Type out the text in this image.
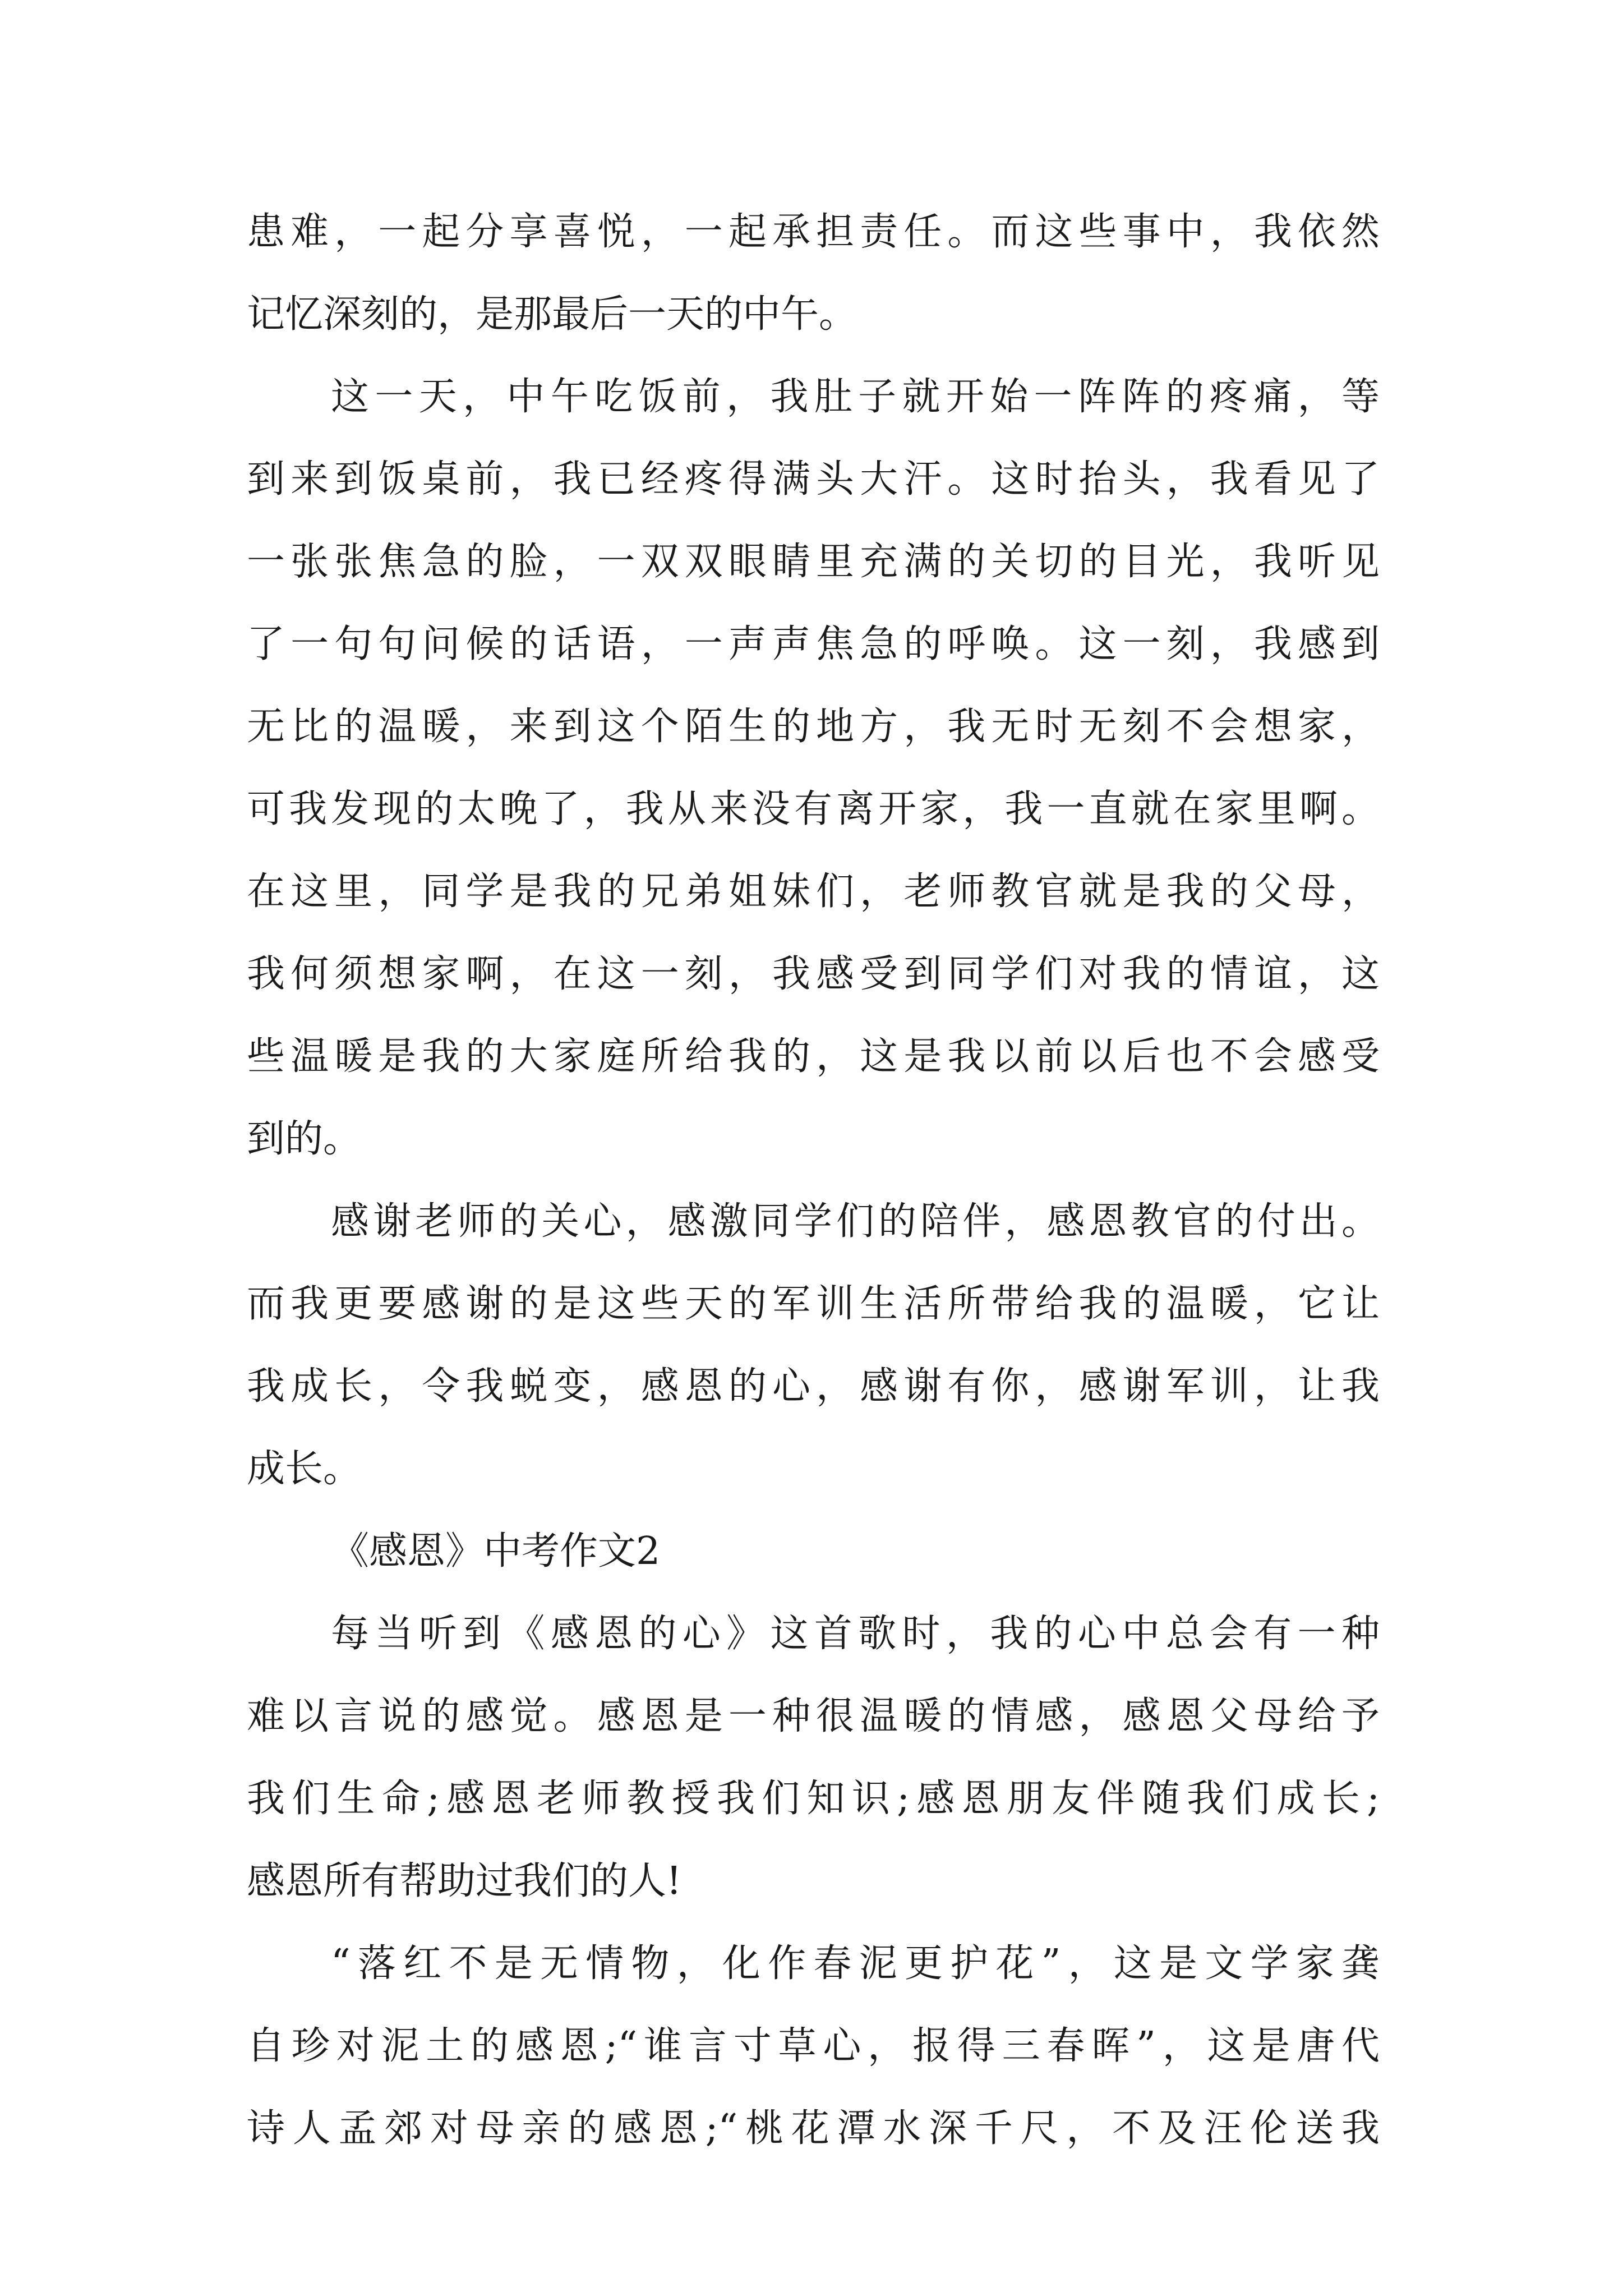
患难，一起分享喜悦，一起承担责任。而这些事中，我依然
记忆深刻的，是那最后一天的中午。
这一天，中午吃饭前，我肚子就开始一阵阵的疼痛，等
到来到饭桌前，我已经疼得满头大汗。这时抬头，我看见了
一张张焦急的脸，一双双眼睛里充满的关切的目光，我听见
了一句句问候的话语，一声声焦急的呼唤。这一刻，我感到
无比的温暖，来到这个陌生的地方，我无时无刻不会想家，
可我发现的太晚了，我从来没有离开家，我一直就在家里啊。
在这里，同学是我的兄弟姐妹们，老师教官就是我的父母，
我何须想家啊，在这一刻，我感受到同学们对我的情谊，这
些温暖是我的大家庭所给我的，这是我以前以后也不会感受
到的。
感谢老师的关心，感激同学们的陪伴，感恩教官的付出。
而我更要感谢的是这些天的军训生活所带给我的温暖，它让
我成长，令我蜕变，感恩的心，感谢有你，感谢军训，让我
成长。
《感恩》中考作文2
每当听到《感恩的心》这首歌时，我的心中总会有一种
难以言说的感觉。感恩是一种很温暖的情感，感恩父母给予
我们生命;感恩老师教授我们知识;感恩朋友伴随我们成长;
感恩所有帮助过我们的人!
“落红不是无情物，化作春泥更护花”，这是文学家龚
自珍对泥土的感恩;“谁言寸草心，报得三春晖”，这是唐代
诗人孟郊对母亲的感恩;“桃花潭水深千尺，不及汪伦送我
